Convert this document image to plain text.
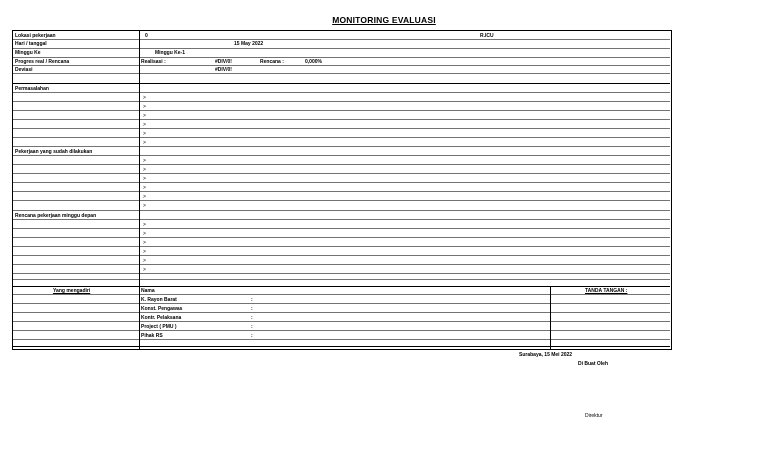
MONITORING EVALUASI
Lokasi pekerjaan	0	R.ICU
Hari / tanggal	15 May 2022
Minggu Ke	Minggu Ke-1
Progres real / Rencana	Realisasi :	#DIV/0!	Rencana :	0,000%
Deviasi	#DIV/0!
Permasalahan
>
>
>
>
>
>
Pekerjaan yang sudah dilakukan
>
>
>
>
>
>
Rencana pekerjaan minggu depan
>
>
>
>
>
>
Yang mengadiri	Nama	TANDA TANGAN :
K. Rayon Barat	:
Konst. Pengawas	:
Kontr. Pelaksana	:
Project ( PMU )	:
Pihak RS	:
Surabaya, 15 Mei 2022
Di Buat Oleh
Direktur
